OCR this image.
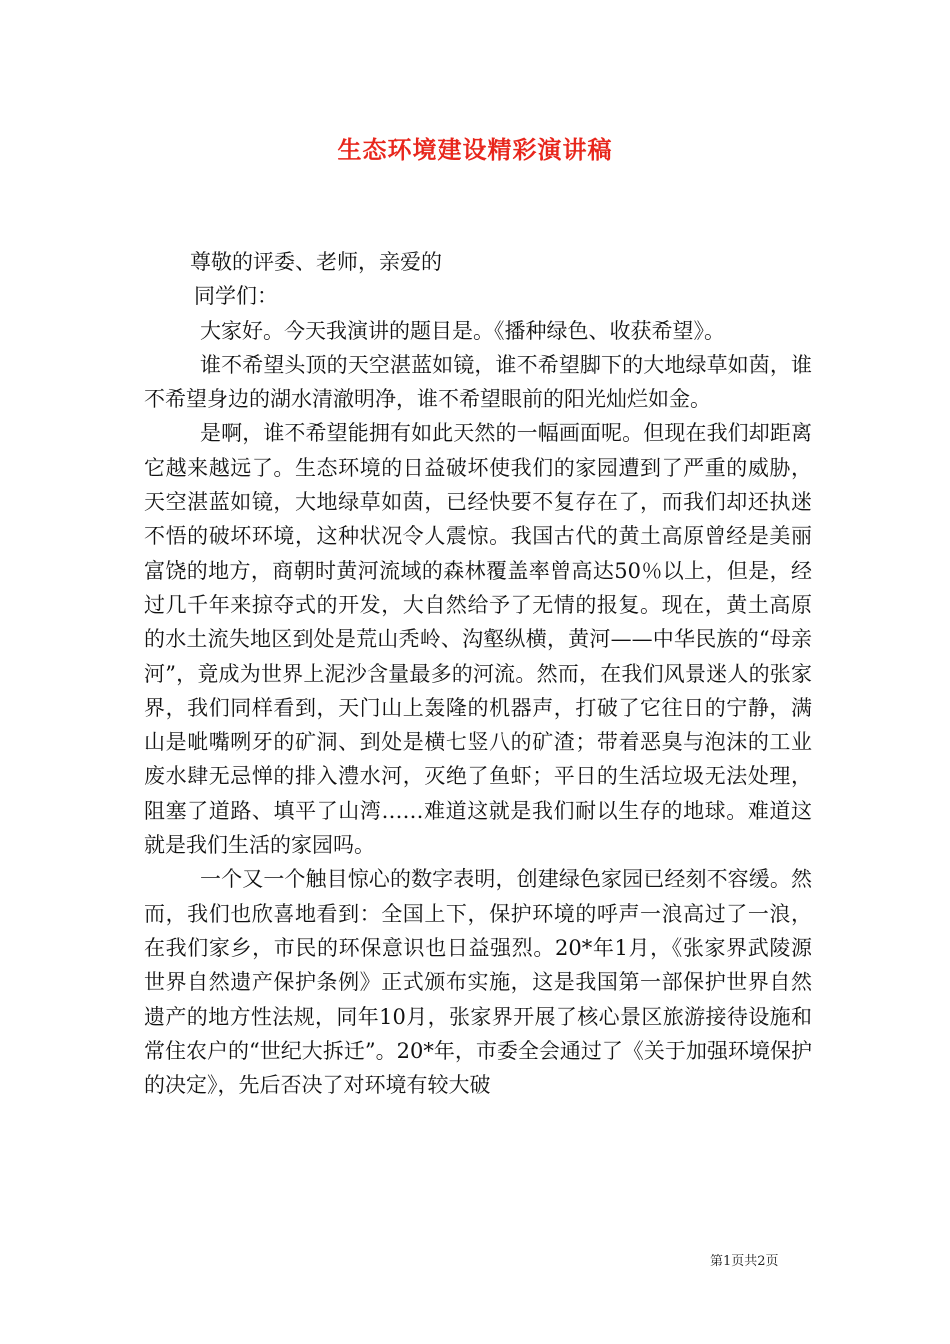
生态环境建设精彩演讲稿

尊敬的评委、老师，亲爱的

同学们：

大家好。今天我演讲的题目是。《播种绿色、收获希望》。

谁不希望头顶的天空湛蓝如镜，谁不希望脚下的大地绿草如茵，谁不希望身边的湖水清澈明净，谁不希望眼前的阳光灿烂如金。

是啊，谁不希望能拥有如此天然的一幅画面呢。但现在我们却距离它越来越远了。生态环境的日益破坏使我们的家园遭到了严重的威胁，天空湛蓝如镜，大地绿草如茵，已经快要不复存在了，而我们却还执迷不悟的破坏环境，这种状况令人震惊。我国古代的黄土高原曾经是美丽富饶的地方，商朝时黄河流域的森林覆盖率曾高达50％以上，但是，经过几千年来掠夺式的开发，大自然给予了无情的报复。现在，黄土高原的水土流失地区到处是荒山秃岭、沟壑纵横，黄河——中华民族的“母亲河”，竟成为世界上泥沙含量最多的河流。然而，在我们风景迷人的张家界，我们同样看到，天门山上轰隆的机器声，打破了它往日的宁静，满山是呲嘴咧牙的矿洞、到处是横七竖八的矿渣；带着恶臭与泡沫的工业废水肆无忌惮的排入澧水河，灭绝了鱼虾；平日的生活垃圾无法处理，阻塞了道路、填平了山湾……难道这就是我们耐以生存的地球。难道这就是我们生活的家园吗。

一个又一个触目惊心的数字表明，创建绿色家园已经刻不容缓。然而，我们也欣喜地看到：全国上下，保护环境的呼声一浪高过了一浪，在我们家乡，市民的环保意识也日益强烈。20*年1月，《张家界武陵源世界自然遗产保护条例》正式颁布实施，这是我国第一部保护世界自然遗产的地方性法规，同年10月，张家界开展了核心景区旅游接待设施和常住农户的“世纪大拆迁”。20*年，市委全会通过了《关于加强环境保护的决定》，先后否决了对环境有较大破

第1页共2页
